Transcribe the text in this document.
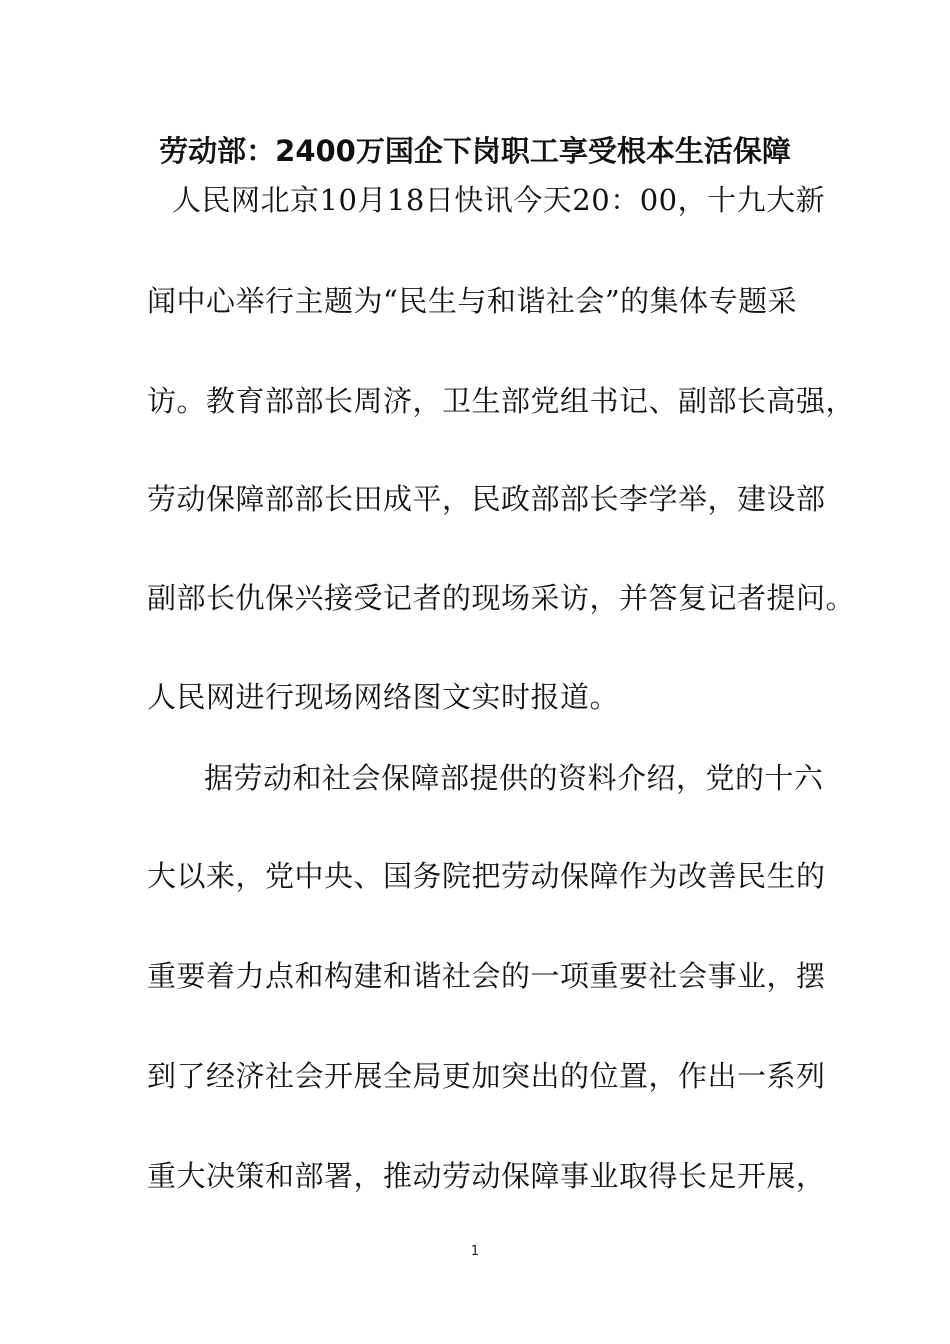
劳动部：2400万国企下岗职工享受根本生活保障
人民网北京10月18日快讯今天20：00，十九大新
闻中心举行主题为“民生与和谐社会”的集体专题采
访。教育部部长周济，卫生部党组书记、副部长高强，
劳动保障部部长田成平，民政部部长李学举，建设部
副部长仇保兴接受记者的现场采访，并答复记者提问。
人民网进行现场网络图文实时报道。
据劳动和社会保障部提供的资料介绍，党的十六
大以来，党中央、国务院把劳动保障作为改善民生的
重要着力点和构建和谐社会的一项重要社会事业，摆
到了经济社会开展全局更加突出的位置，作出一系列
重大决策和部署，推动劳动保障事业取得长足开展，
1
